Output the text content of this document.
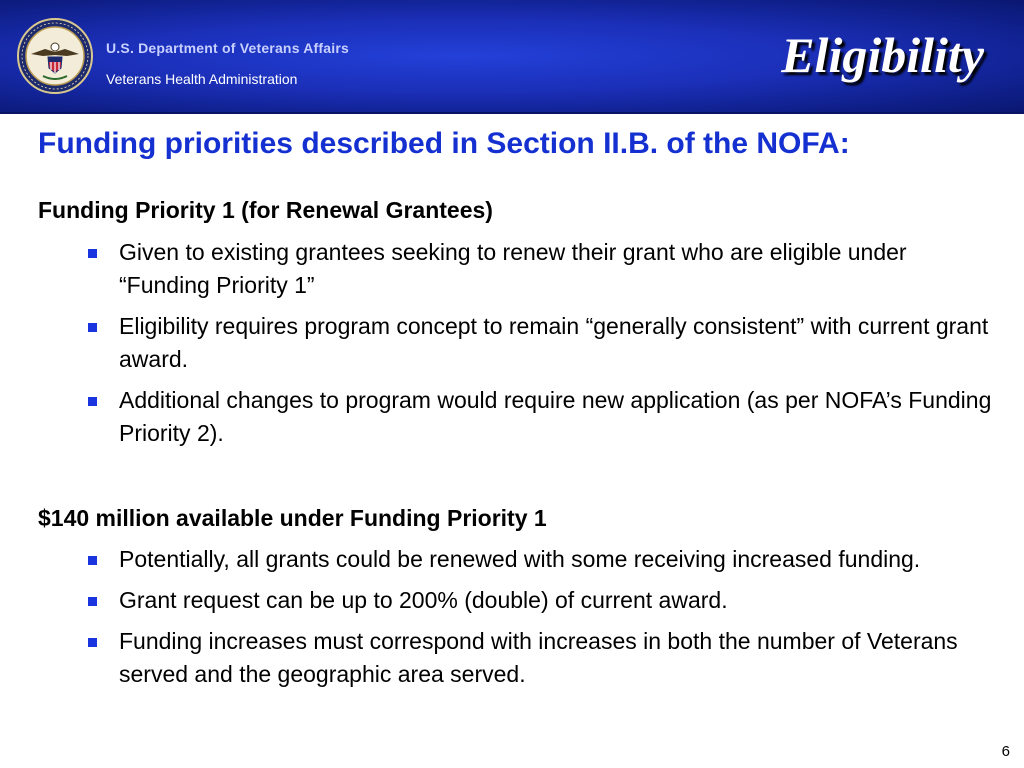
U.S. Department of Veterans Affairs
Veterans Health Administration	Eligibility
Funding priorities described in Section II.B. of the NOFA:
Funding Priority 1 (for Renewal Grantees)
Given to existing grantees seeking to renew their grant who are eligible under “Funding Priority 1”
Eligibility requires program concept to remain “generally consistent” with current grant award.
Additional changes to program would require new application (as per NOFA’s Funding Priority 2).
$140 million available under Funding Priority 1
Potentially, all grants could be renewed with some receiving increased funding.
Grant request can be up to 200% (double) of current award.
Funding increases must correspond with increases in both the number of Veterans served and the geographic area served.
6
